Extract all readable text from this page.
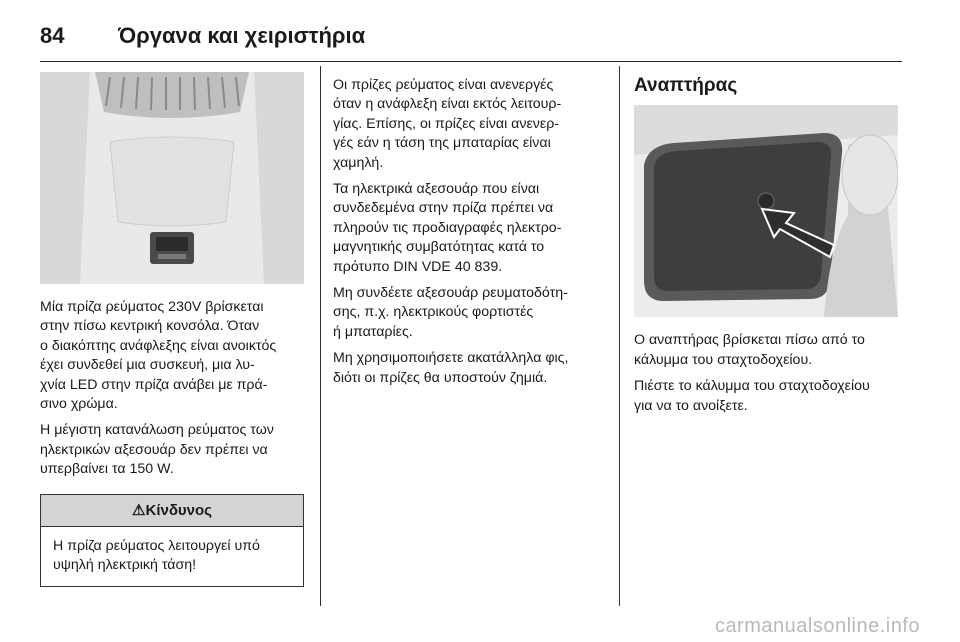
84	Όργανα και χειριστήρια

Μία πρίζα ρεύματος 230V βρίσκεται
στην πίσω κεντρική κονσόλα. Όταν
ο διακόπτης ανάφλεξης είναι ανοικτός
έχει συνδεθεί μια συσκευή, μια λυ-
χνία LED στην πρίζα ανάβει με πρά-
σινο χρώμα.

Η μέγιστη κατανάλωση ρεύματος των
ηλεκτρικών αξεσουάρ δεν πρέπει να
υπερβαίνει τα 150 W.

⚠Κίνδυνος
Η πρίζα ρεύματος λειτουργεί υπό
υψηλή ηλεκτρική τάση!

Οι πρίζες ρεύματος είναι ανενεργές
όταν η ανάφλεξη είναι εκτός λειτουρ-
γίας. Επίσης, οι πρίζες είναι ανενερ-
γές εάν η τάση της μπαταρίας είναι
χαμηλή.

Τα ηλεκτρικά αξεσουάρ που είναι
συνδεδεμένα στην πρίζα πρέπει να
πληρούν τις προδιαγραφές ηλεκτρο-
μαγνητικής συμβατότητας κατά το
πρότυπο DIN VDE 40 839.

Μη συνδέετε αξεσουάρ ρευματοδότη-
σης, π.χ. ηλεκτρικούς φορτιστές
ή μπαταρίες.

Μη χρησιμοποιήσετε ακατάλληλα φις,
διότι οι πρίζες θα υποστούν ζημιά.

Αναπτήρας

Ο αναπτήρας βρίσκεται πίσω από το
κάλυμμα του σταχτοδοχείου.

Πιέστε το κάλυμμα του σταχτοδοχείου
για να το ανοίξετε.

carmanualsonline.info
